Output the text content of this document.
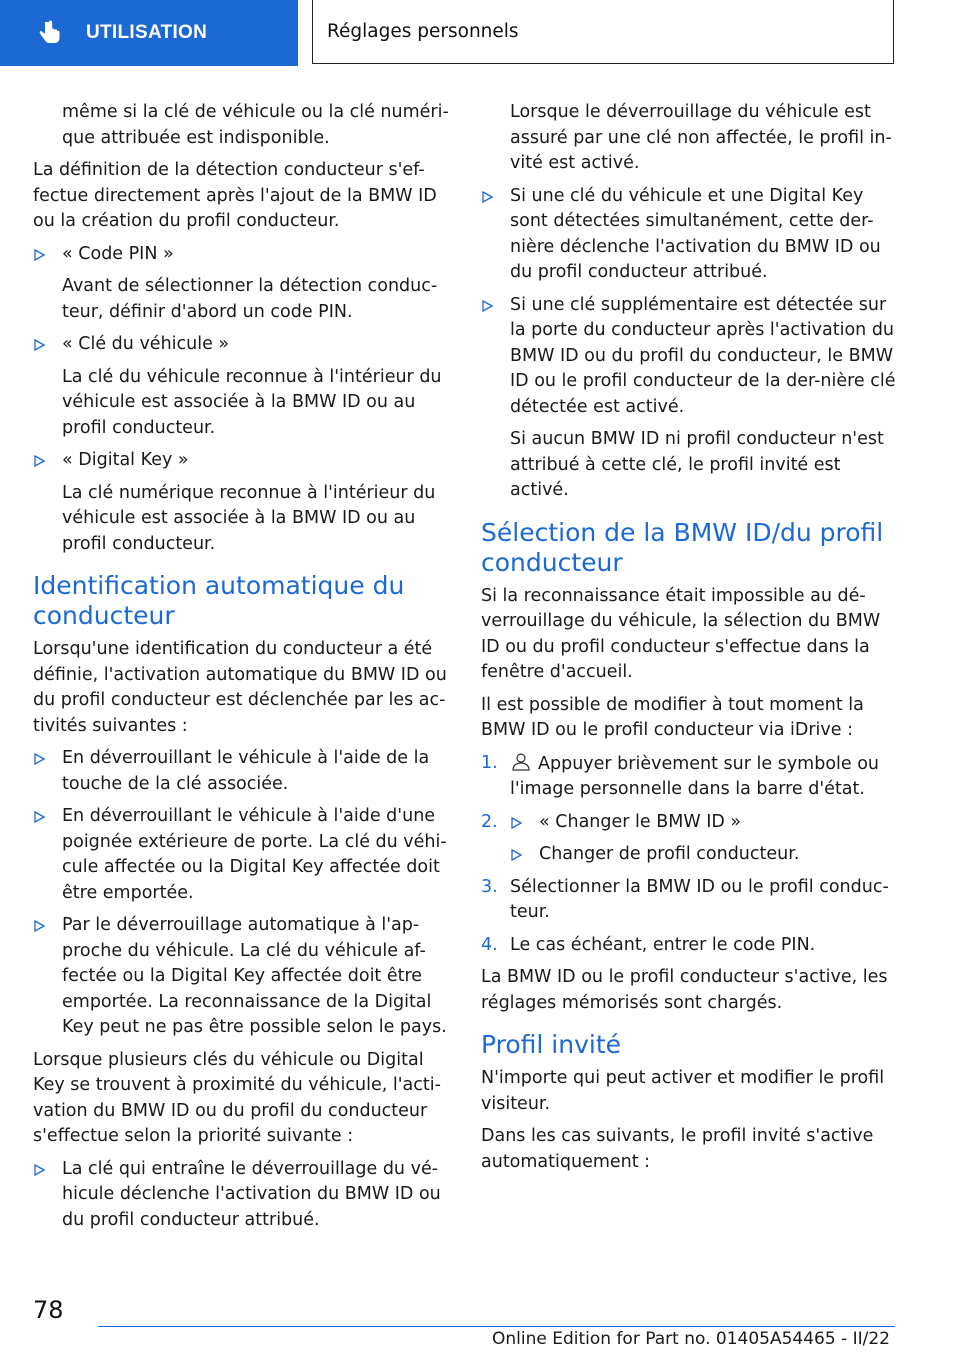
UTILISATION	Réglages personnels

même si la clé de véhicule ou la clé numéri-que attribuée est indisponible.

La définition de la détection conducteur s'ef-fectue directement après l'ajout de la BMW ID ou la création du profil conducteur.

« Code PIN »

Avant de sélectionner la détection conduc-teur, définir d'abord un code PIN.

« Clé du véhicule »

La clé du véhicule reconnue à l'intérieur du véhicule est associée à la BMW ID ou au profil conducteur.

« Digital Key »

La clé numérique reconnue à l'intérieur du véhicule est associée à la BMW ID ou au profil conducteur.

Identification automatique du conducteur

Lorsqu'une identification du conducteur a été définie, l'activation automatique du BMW ID ou du profil conducteur est déclenchée par les ac-tivités suivantes :

En déverrouillant le véhicule à l'aide de la touche de la clé associée.
En déverrouillant le véhicule à l'aide d'une poignée extérieure de porte. La clé du véhi-cule affectée ou la Digital Key affectée doit être emportée.
Par le déverrouillage automatique à l'ap-proche du véhicule. La clé du véhicule af-fectée ou la Digital Key affectée doit être emportée. La reconnaissance de la Digital Key peut ne pas être possible selon le pays.

Lorsque plusieurs clés du véhicule ou Digital Key se trouvent à proximité du véhicule, l'acti-vation du BMW ID ou du profil du conducteur s'effectue selon la priorité suivante :

La clé qui entraîne le déverrouillage du vé-hicule déclenche l'activation du BMW ID ou du profil conducteur attribué.

Lorsque le déverrouillage du véhicule est assuré par une clé non affectée, le profil in-vité est activé.

Si une clé du véhicule et une Digital Key sont détectées simultanément, cette der-nière déclenche l'activation du BMW ID ou du profil conducteur attribué.
Si une clé supplémentaire est détectée sur la porte du conducteur après l'activation du BMW ID ou du profil du conducteur, le BMW ID ou le profil conducteur de la der-nière clé détectée est activé.

Si aucun BMW ID ni profil conducteur n'est attribué à cette clé, le profil invité est activé.

Sélection de la BMW ID/du profil conducteur

Si la reconnaissance était impossible au dé-verrouillage du véhicule, la sélection du BMW ID ou du profil conducteur s'effectue dans la fenêtre d'accueil.

Il est possible de modifier à tout moment la BMW ID ou le profil conducteur via iDrive :

1. Appuyer brièvement sur le symbole ou l'image personnelle dans la barre d'état.
2.	« Changer le BMW ID »
Changer de profil conducteur.
3. Sélectionner la BMW ID ou le profil conduc-teur.
4. Le cas échéant, entrer le code PIN.

La BMW ID ou le profil conducteur s'active, les réglages mémorisés sont chargés.

Profil invité

N'importe qui peut activer et modifier le profil visiteur.

Dans les cas suivants, le profil invité s'active automatiquement :

78
Online Edition for Part no. 01405A54465 - II/22
